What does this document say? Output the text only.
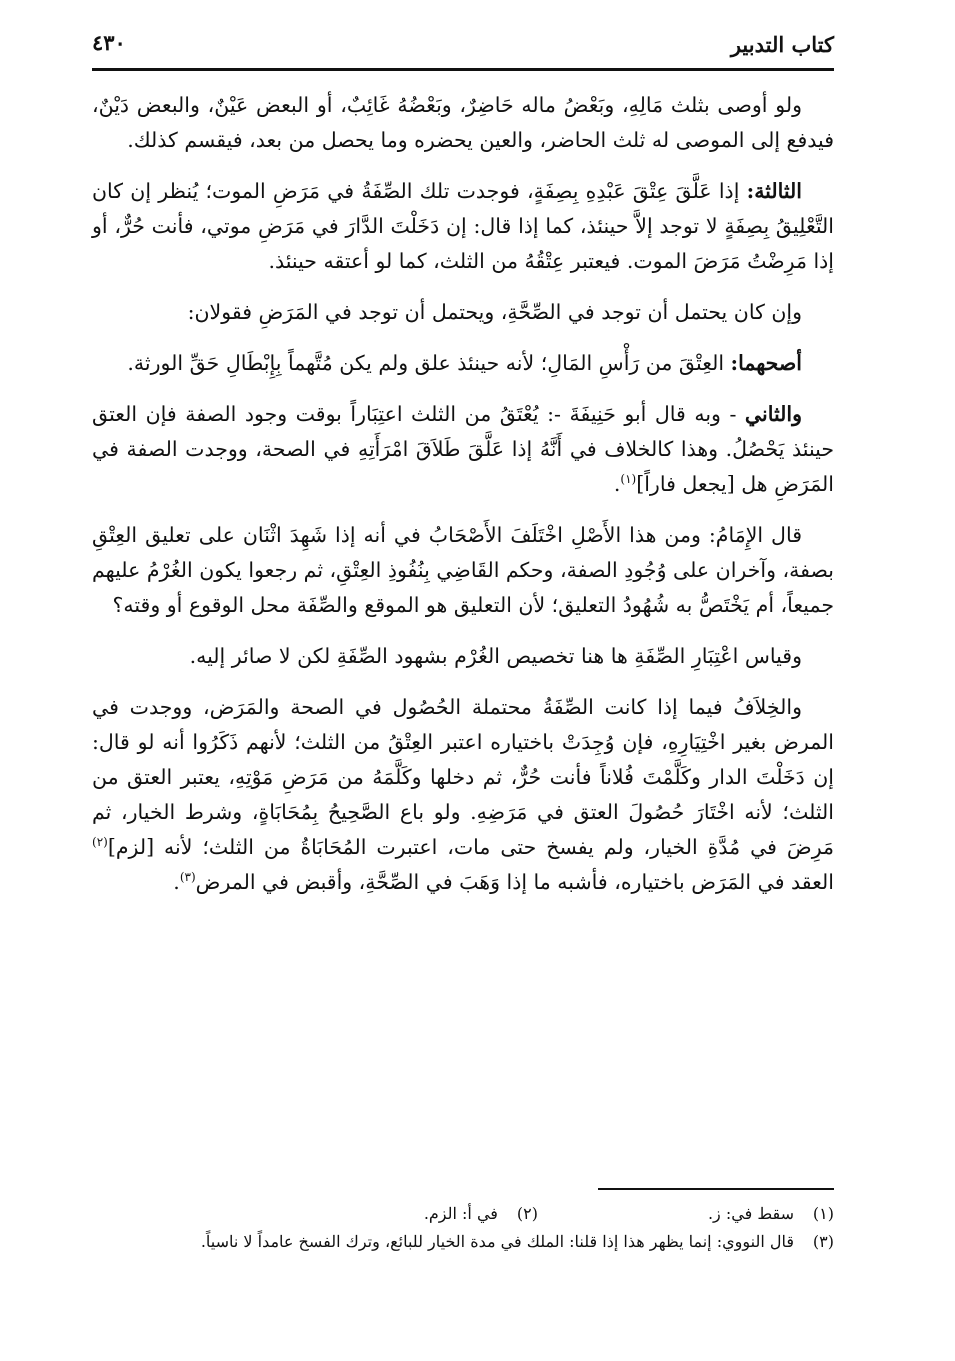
كتاب التدبير
٤٣٠

ولو أوصى بثلث مَالِهِ، وبَعْضُ ماله حَاضِرٌ، وبَعْضُهُ غَائِبٌ، أو البعض عَيْنٌ، والبعض دَيْنٌ، فيدفع إلى الموصى له ثلث الحاضر، والعين يحضره وما يحصل من بعد، فيقسم كذلك.

الثالثة: إذا عَلَّقَ عِتْقَ عَبْدِهِ بِصِفَةٍ، فوجدت تلك الصِّفَةُ في مَرَضِ الموت؛ يُنظر إن كان التَّعْلِيقُ بِصِفَةٍ لا توجد إلاَّ حينئذ، كما إذا قال: إن دَخَلْتَ الدَّارَ في مَرَضِ موتي، فأنت حُرٌّ، أو إذا مَرِضْتُ مَرَضَ الموت. فيعتبر عِتْقُهُ من الثلث، كما لو أعتقه حينئذ.

وإن كان يحتمل أن توجد في الصِّحَّةِ، ويحتمل أن توجد في المَرَضِ فقولان:

أصحهما: العِتْقَ من رَأْسِ المَالِ؛ لأنه حينئذ علق ولم يكن مُتَّهماً بِإِبْطَالِ حَقِّ الورثة.

والثاني - وبه قال أبو حَنِيفَةَ -: يُعْتَقُ من الثلث اعتِبَاراً بوقت وجود الصفة فإن العتق حينئذ يَحْصُلُ. وهذا كالخلاف في أَنَّهُ إذا عَلَّقَ طَلاَقَ امْرَأَتِهِ في الصحة، ووجدت الصفة في المَرَضِ هل [يجعل فاراً]$^{(١)}$.

قال الإِمَامُ: ومن هذا الأَصْلِ اخْتَلَفَ الأَصْحَابُ في أنه إذا شَهِدَ اثْنَان على تعليق العِتْقِ بصفة، وآخران على وُجُودِ الصفة، وحكم القَاضِي بِنُفُوذِ العِتْقِ، ثم رجعوا يكون الغُرْمُ عليهم جميعاً، أم يَخْتَصُّ به شُهُودُ التعليق؛ لأن التعليق هو الموقع والصِّفَة محل الوقوع أو وقته؟

وقياس اعْتِبَارِ الصِّفَةِ ها هنا تخصيص الغُرْم بشهود الصِّفَةِ لكن لا صائر إليه.

والخِلاَفُ فيما إذا كانت الصِّفَةُ محتملة الحُصُول في الصحة والمَرَض، ووجدت في المرض بغير اخْتِيَارِهِ، فإن وُجِدَتْ باختياره اعتبر العِتْقُ من الثلث؛ لأنهم ذَكَرُوا أنه لو قال: إن دَخَلْتَ الدار وكَلَّمْتَ فُلاناً فأنت حُرٌّ، ثم دخلها وكَلَّمَهُ من مَرَضِ مَوْتِهِ، يعتبر العتق من الثلث؛ لأنه اخْتَارَ حُصُولَ العتق في مَرَضِهِ. ولو باع الصَّحِيحُ بِمُحَابَاةٍ، وشرط الخيار، ثم مَرِضَ في مُدَّةِ الخيار، ولم يفسخ حتى مات، اعتبرت المُحَابَاةُ من الثلث؛ لأنه [لزم]$^{(٢)}$ العقد في المَرَض باختياره، فأشبه ما إذا وَهَبَ في الصِّحَّةِ، وأقبض في المرض$^{(٣)}$.

(١)سقط في: ز.(٢)في أ: الزم.
(٣)قال النووي: إنما يظهر هذا إذا قلنا: الملك في مدة الخيار للبائع، وترك الفسخ عامداً لا ناسياً.
